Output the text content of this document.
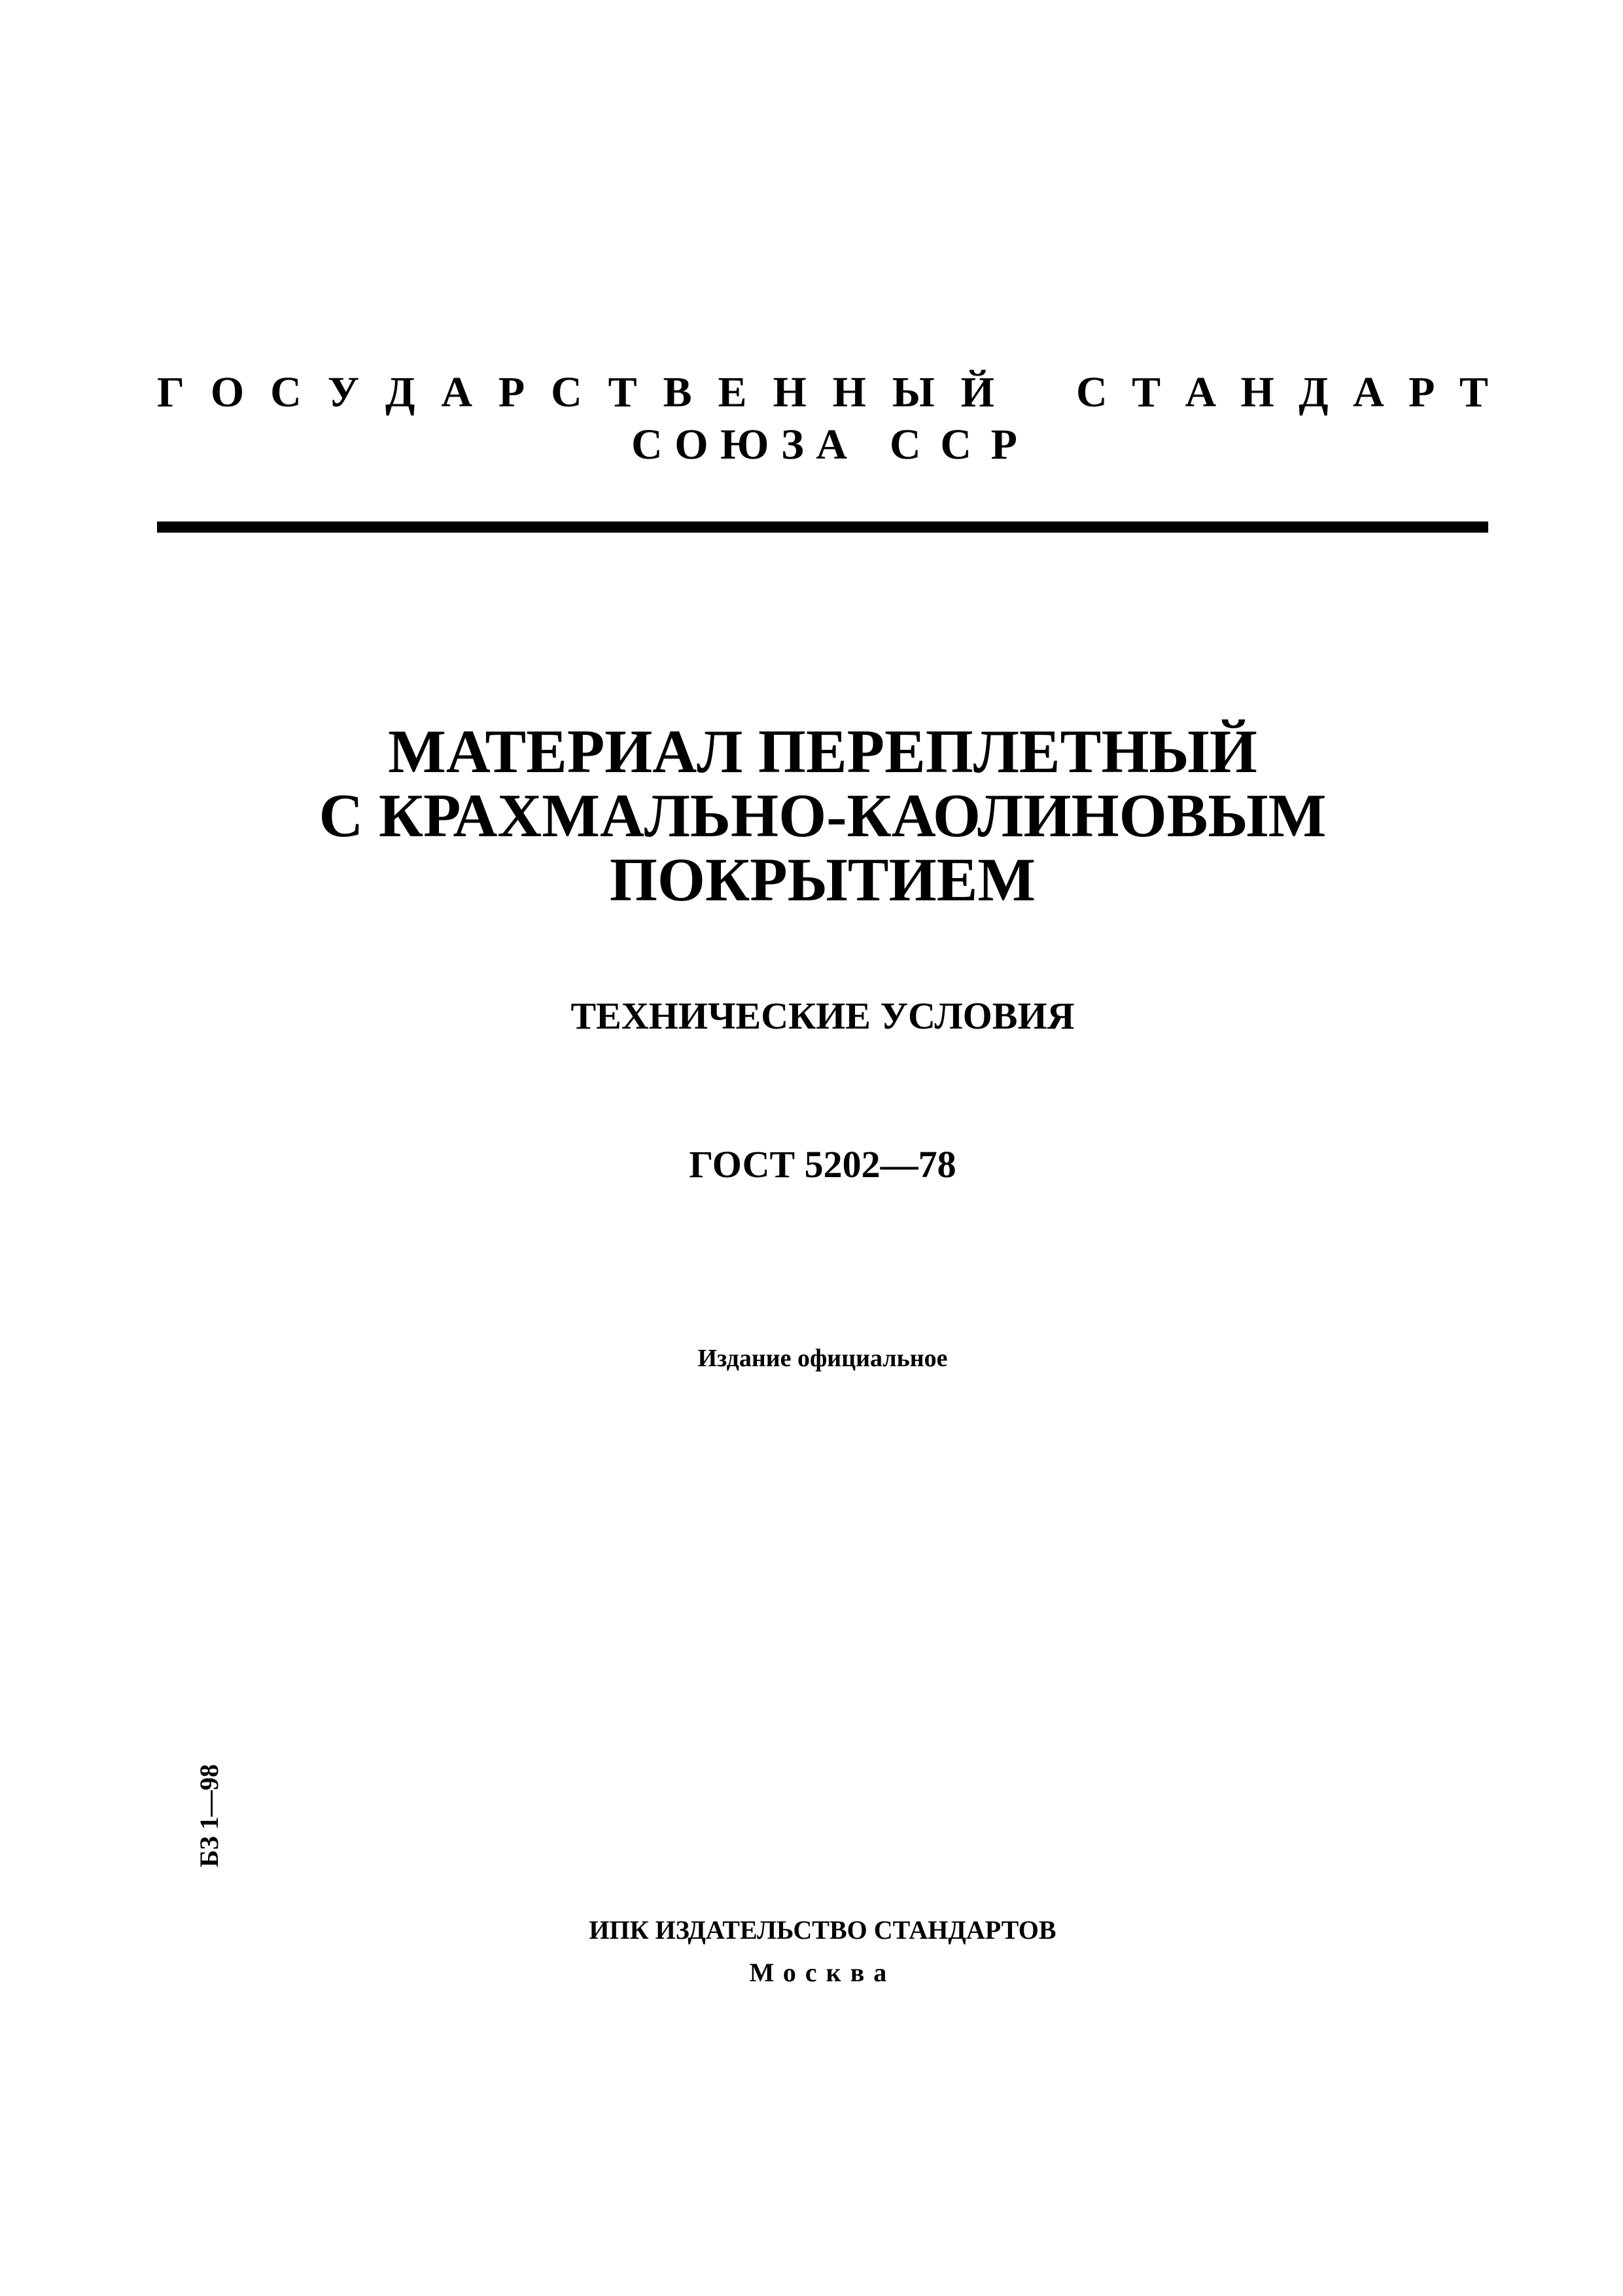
Г О С У Д А Р С Т В Е Н Н Ы Й С Т А Н Д А Р Т
С О Ю З А С С Р
МАТЕРИАЛ ПЕРЕПЛЕТНЫЙ
С КРАХМАЛЬНО-КАОЛИНОВЫМ
ПОКРЫТИЕМ
ТЕХНИЧЕСКИЕ УСЛОВИЯ
ГОСТ 5202—78
Издание официальное
БЗ 1—98
ИПК ИЗДАТЕЛЬСТВО СТАНДАРТОВ
Москва
